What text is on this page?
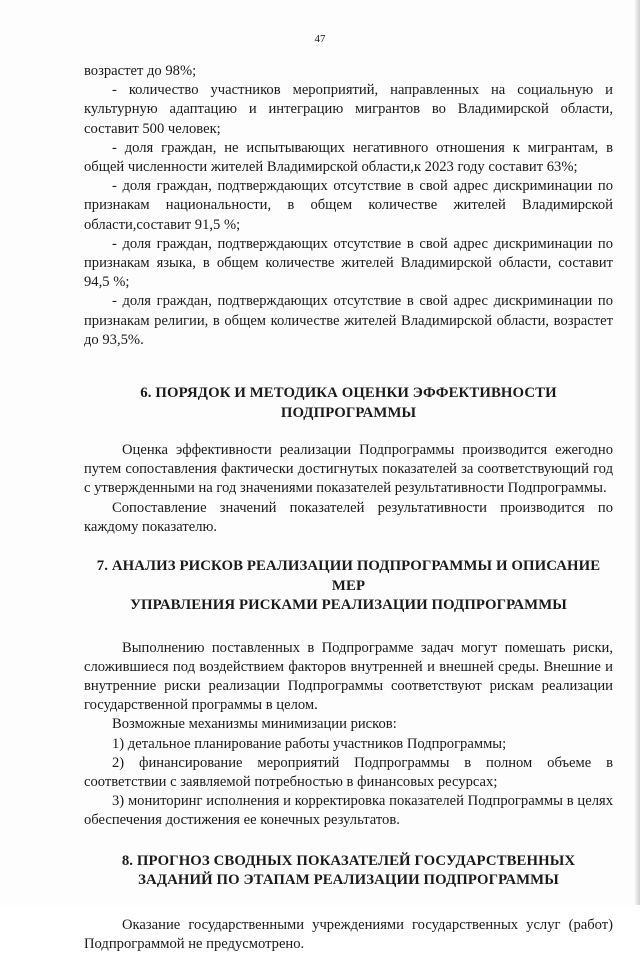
47

возрастет до 98%;

- количество участников мероприятий, направленных на социальную и культурную адаптацию и интеграцию мигрантов во Владимирской области, составит 500 человек;

- доля граждан, не испытывающих негативного отношения к мигрантам, в общей численности жителей Владимирской области,к 2023 году составит 63%;

- доля граждан, подтверждающих отсутствие в свой адрес дискриминации по признакам национальности, в общем количестве жителей Владимирской области,составит 91,5 %;

- доля граждан, подтверждающих отсутствие в свой адрес дискриминации по признакам языка, в общем количестве жителей Владимирской области, составит 94,5 %;

- доля граждан, подтверждающих отсутствие в свой адрес дискриминации по признакам религии, в общем количестве жителей Владимирской области, возрастет до 93,5%.

6. ПОРЯДОК И МЕТОДИКА ОЦЕНКИ ЭФФЕКТИВНОСТИ ПОДПРОГРАММЫ

Оценка эффективности реализации Подпрограммы производится ежегодно путем сопоставления фактически достигнутых показателей за соответствующий год с утвержденными на год значениями показателей результативности Подпрограммы.

Сопоставление значений показателей результативности производится по каждому показателю.

7. АНАЛИЗ РИСКОВ РЕАЛИЗАЦИИ ПОДПРОГРАММЫ И ОПИСАНИЕ МЕР
УПРАВЛЕНИЯ РИСКАМИ РЕАЛИЗАЦИИ ПОДПРОГРАММЫ

Выполнению поставленных в Подпрограмме задач могут помешать риски, сложившиеся под воздействием факторов внутренней и внешней среды. Внешние и внутренние риски реализации Подпрограммы соответствуют рискам реализации государственной программы в целом.

Возможные механизмы минимизации рисков:

1) детальное планирование работы участников Подпрограммы;

2) финансирование мероприятий Подпрограммы в полном объеме в соответствии с заявляемой потребностью в финансовых ресурсах;

3) мониторинг исполнения и корректировка показателей Подпрограммы в целях обеспечения достижения ее конечных результатов.

8. ПРОГНОЗ СВОДНЫХ ПОКАЗАТЕЛЕЙ ГОСУДАРСТВЕННЫХ
ЗАДАНИЙ ПО ЭТАПАМ РЕАЛИЗАЦИИ ПОДПРОГРАММЫ

Оказание государственными учреждениями государственных услуг (работ) Подпрограммой не предусмотрено.
